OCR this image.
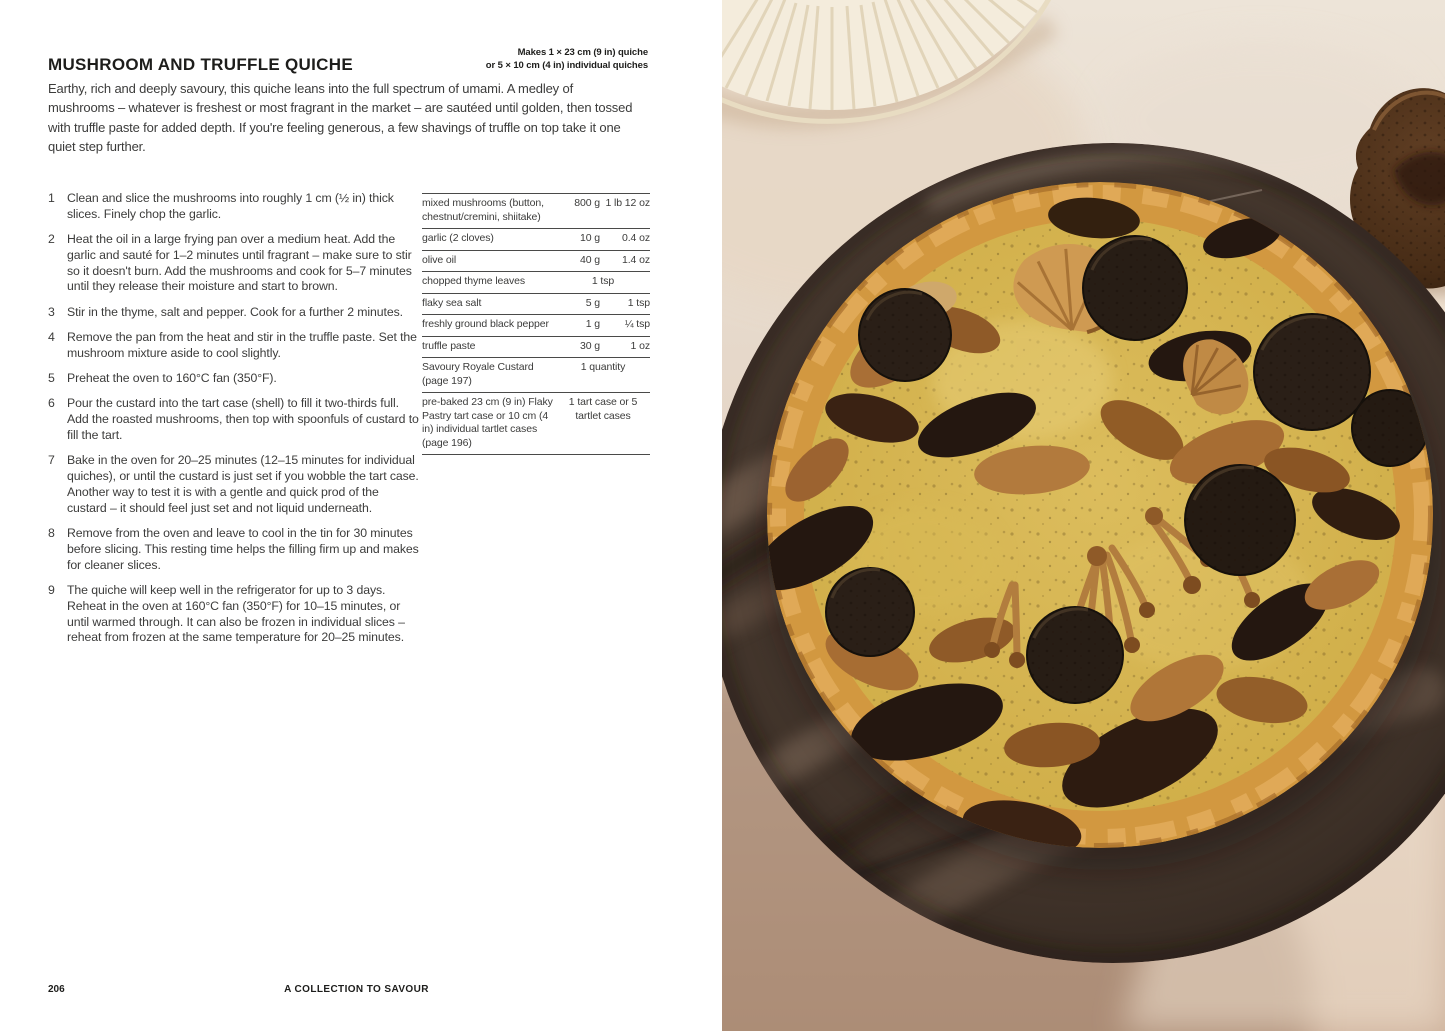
MUSHROOM AND TRUFFLE QUICHE
Makes 1 × 23 cm (9 in) quiche
or 5 × 10 cm (4 in) individual quiches
Earthy, rich and deeply savoury, this quiche leans into the full spectrum of umami. A medley of
mushrooms – whatever is freshest or most fragrant in the market – are sautéed until golden, then tossed
with truffle paste for added depth. If you're feeling generous, a few shavings of truffle on top take it one
quiet step further.
1 Clean and slice the mushrooms into roughly 1 cm (½ in) thick slices. Finely chop the garlic.
2 Heat the oil in a large frying pan over a medium heat. Add the garlic and sauté for 1–2 minutes until fragrant – make sure to stir so it doesn't burn. Add the mushrooms and cook for 5–7 minutes until they release their moisture and start to brown.
3 Stir in the thyme, salt and pepper. Cook for a further 2 minutes.
4 Remove the pan from the heat and stir in the truffle paste. Set the mushroom mixture aside to cool slightly.
5 Preheat the oven to 160°C fan (350°F).
6 Pour the custard into the tart case (shell) to fill it two-thirds full. Add the roasted mushrooms, then top with spoonfuls of custard to fill the tart.
7 Bake in the oven for 20–25 minutes (12–15 minutes for individual quiches), or until the custard is just set if you wobble the tart case. Another way to test it is with a gentle and quick prod of the custard – it should feel just set and not liquid underneath.
8 Remove from the oven and leave to cool in the tin for 30 minutes before slicing. This resting time helps the filling firm up and makes for cleaner slices.
9 The quiche will keep well in the refrigerator for up to 3 days. Reheat in the oven at 160°C fan (350°F) for 10–15 minutes, or until warmed through. It can also be frozen in individual slices – reheat from frozen at the same temperature for 20–25 minutes.
mixed mushrooms (button, chestnut/cremini, shiitake)	800 g	1 lb 12 oz
garlic (2 cloves)	10 g	0.4 oz
olive oil	40 g	1.4 oz
chopped thyme leaves	1 tsp	
flaky sea salt	5 g	1 tsp
freshly ground black pepper	1 g	¼ tsp
truffle paste	30 g	1 oz
Savoury Royale Custard (page 197)	1 quantity	
pre-baked 23 cm (9 in) Flaky Pastry tart case or 10 cm (4 in) individual tartlet cases (page 196)	1 tart case or 5 tartlet cases	
206	A COLLECTION TO SAVOUR
